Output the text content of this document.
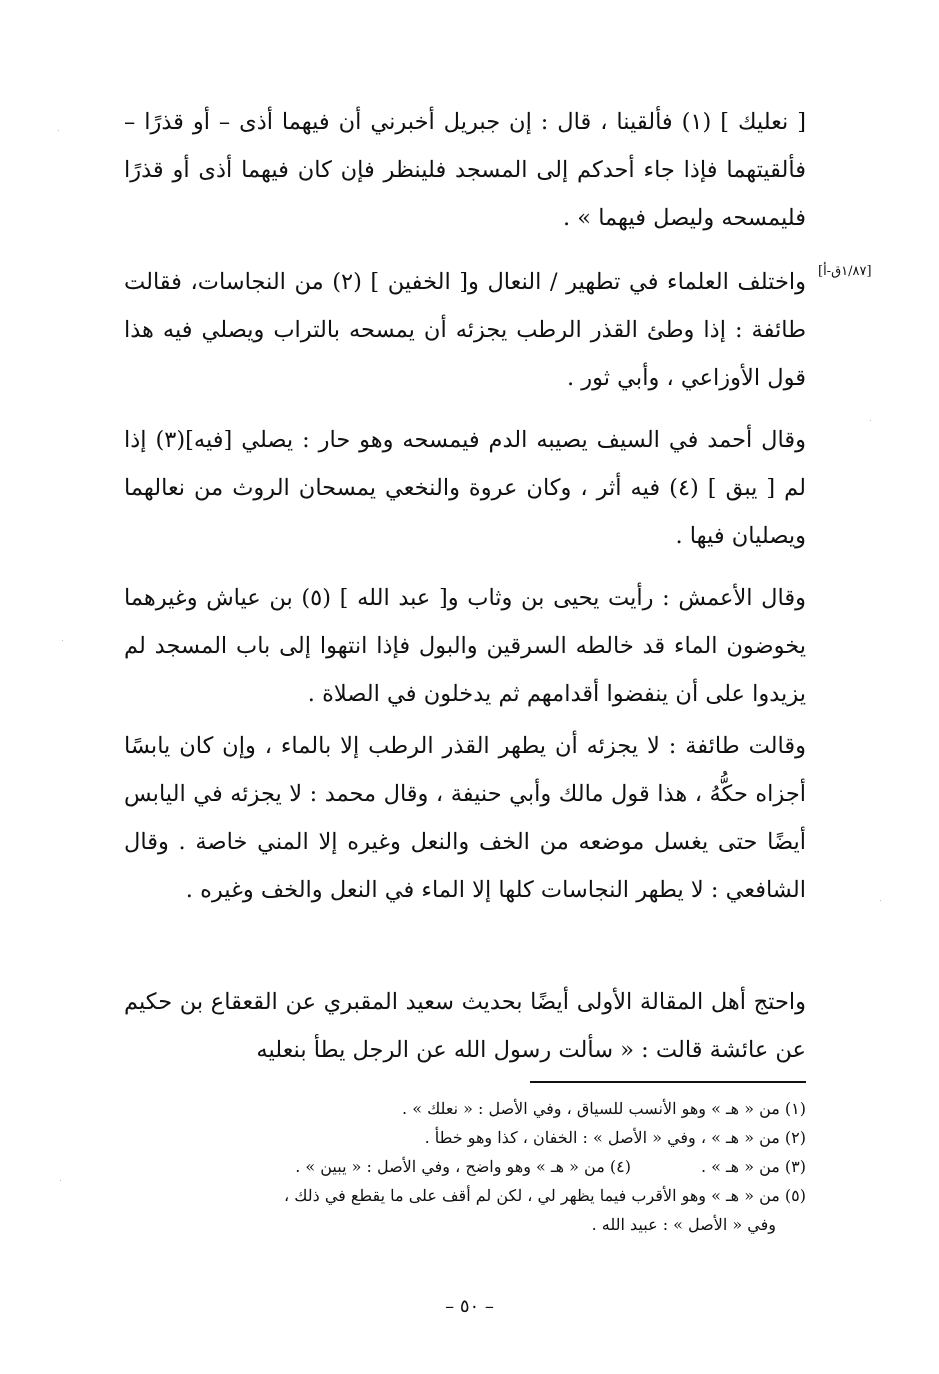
[١/٨٧ق-أ]
[ نعليك ] (١) فألقينا ، قال : إن جبريل أخبرني أن فيهما أذى – أو قذرًا – فألقيتهما فإذا جاء أحدكم إلى المسجد فلينظر فإن كان فيهما أذى أو قذرًا فليمسحه وليصل فيهما » .
واختلف العلماء في تطهير / النعال و[ الخفين ] (٢) من النجاسات، فقالت طائفة : إذا وطئ القذر الرطب يجزئه أن يمسحه بالتراب ويصلي فيه هذا قول الأوزاعي ، وأبي ثور .
وقال أحمد في السيف يصيبه الدم فيمسحه وهو حار : يصلي [فيه](٣) إذا لم [ يبق ] (٤) فيه أثر ، وكان عروة والنخعي يمسحان الروث من نعالهما ويصليان فيها .
وقال الأعمش : رأيت يحيى بن وثاب و[ عبد الله ] (٥) بن عياش وغيرهما يخوضون الماء قد خالطه السرقين والبول فإذا انتهوا إلى باب المسجد لم يزيدوا على أن ينفضوا أقدامهم ثم يدخلون في الصلاة .
وقالت طائفة : لا يجزئه أن يطهر القذر الرطب إلا بالماء ، وإن كان يابسًا أجزاه حكُّهُ ، هذا قول مالك وأبي حنيفة ، وقال محمد : لا يجزئه في اليابس أيضًا حتى يغسل موضعه من الخف والنعل وغيره إلا المني خاصة . وقال الشافعي : لا يطهر النجاسات كلها إلا الماء في النعل والخف وغيره .
واحتج أهل المقالة الأولى أيضًا بحديث سعيد المقبري عن القعقاع بن حكيم عن عائشة قالت : « سألت رسول الله عن الرجل يطأ بنعليه
(١) من « هـ » وهو الأنسب للسياق ، وفي الأصل : « نعلك » .
(٢) من « هـ » ، وفي « الأصل » : الخفان ، كذا وهو خطأ .
(٣) من « هـ » .(٤) من « هـ » وهو واضح ، وفي الأصل : « يبين » .
(٥) من « هـ » وهو الأقرب فيما يظهر لي ، لكن لم أقف على ما يقطع في ذلك ،
وفي « الأصل » : عبيد الله .
– ٥٠ –
